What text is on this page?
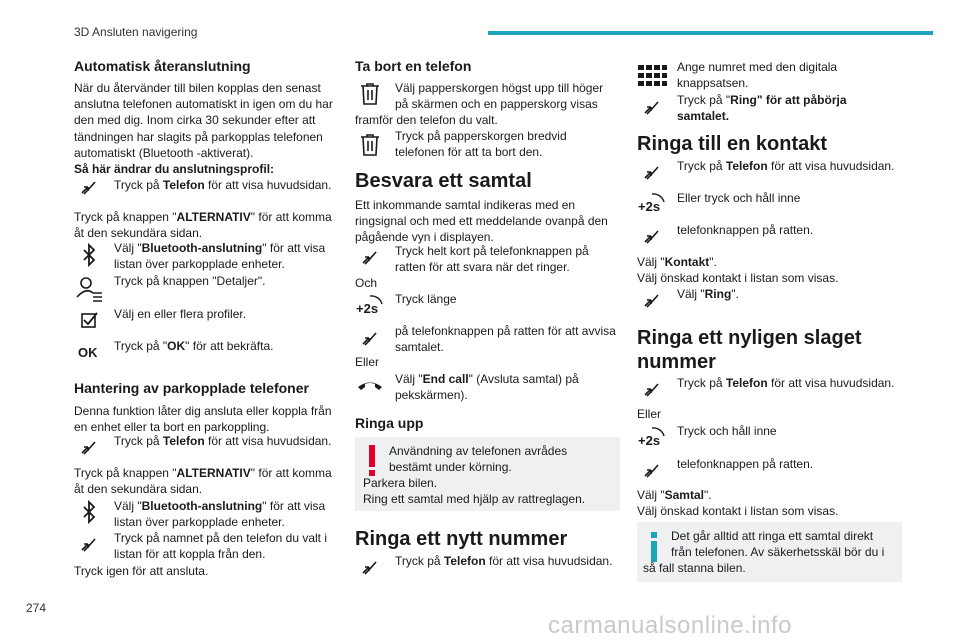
3D Ansluten navigering
274
Automatisk återanslutning
När du återvänder till bilen kopplas den senast
anslutna telefonen automatiskt in igen om du har
den med dig. Inom cirka 30 sekunder efter att
tändningen har slagits på parkopplas telefonen
automatiskt (Bluetooth -aktiverat).
Så här ändrar du anslutningsprofil:
Tryck på Telefon för att visa huvudsidan.
Tryck på knappen "ALTERNATIV" för att komma
åt den sekundära sidan.
Välj "Bluetooth-anslutning" för att visa
listan över parkopplade enheter.
Tryck på knappen "Detaljer".
Välj en eller flera profiler.
OK Tryck på "OK" för att bekräfta.
Hantering av parkopplade telefoner
Denna funktion låter dig ansluta eller koppla från
en enhet eller ta bort en parkoppling.
Tryck på Telefon för att visa huvudsidan.
Tryck på knappen "ALTERNATIV" för att komma
åt den sekundära sidan.
Välj "Bluetooth-anslutning" för att visa
listan över parkopplade enheter.
Tryck på namnet på den telefon du valt i
listan för att koppla från den.
Tryck igen för att ansluta.
Ta bort en telefon
Välj papperskorgen högst upp till höger
på skärmen och en papperskorg visas
framför den telefon du valt.
Tryck på papperskorgen bredvid
telefonen för att ta bort den.
Besvara ett samtal
Ett inkommande samtal indikeras med en
ringsignal och med ett meddelande ovanpå den
pågående vyn i displayen.
Tryck helt kort på telefonknappen på
ratten för att svara när det ringer.
Och
+2s
Tryck länge
på telefonknappen på ratten för att avvisa
samtalet.
Eller
Välj "End call" (Avsluta samtal) på
pekskärmen).
Ringa upp
Användning av telefonen avrådes
bestämt under körning.
Parkera bilen.
Ring ett samtal med hjälp av rattreglagen.
Ringa ett nytt nummer
Tryck på Telefon för att visa huvudsidan.
Ange numret med den digitala
knappsatsen.
Tryck på "Ring" för att påbörja
samtalet.
Ringa till en kontakt
Tryck på Telefon för att visa huvudsidan.
+2s
Eller tryck och håll inne
telefonknappen på ratten.
Välj "Kontakt".
Välj önskad kontakt i listan som visas.
Välj "Ring".
Ringa ett nyligen slaget
nummer
Tryck på Telefon för att visa huvudsidan.
Eller
+2s
Tryck och håll inne
telefonknappen på ratten.
Välj "Samtal".
Välj önskad kontakt i listan som visas.
Det går alltid att ringa ett samtal direkt
från telefonen. Av säkerhetsskäl bör du i
så fall stanna bilen.
carmanualsonline.info
